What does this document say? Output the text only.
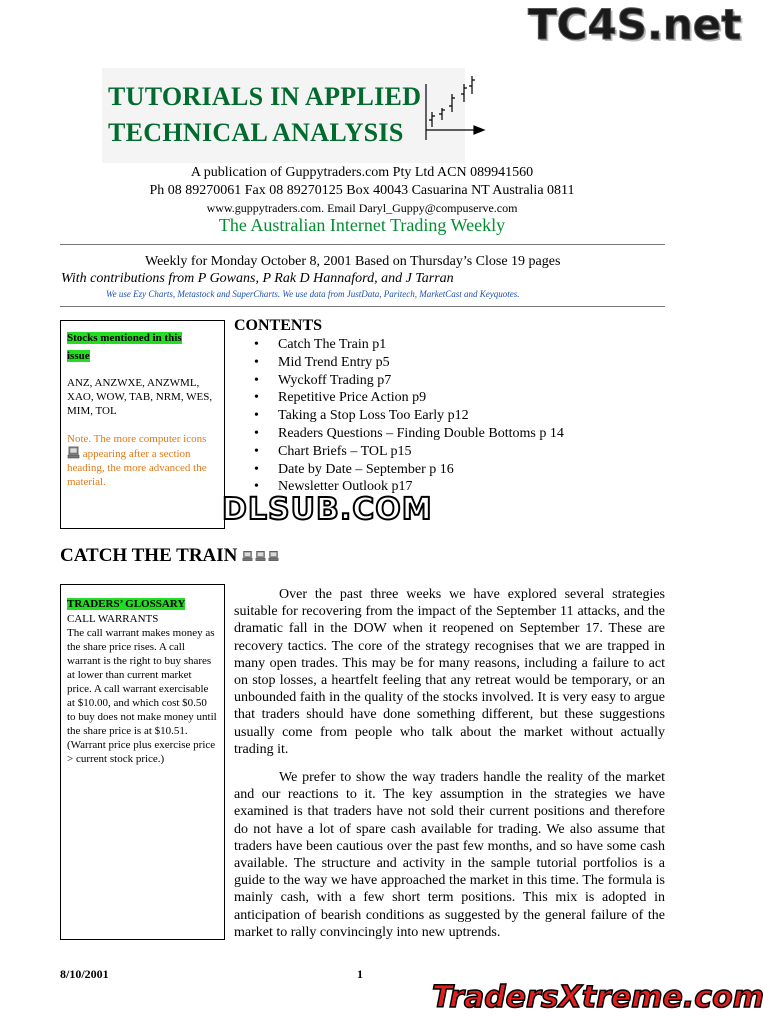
TC4S.net
TUTORIALS IN APPLIED
TECHNICAL ANALYSIS
A publication of Guppytraders.com Pty Ltd ACN 089941560
Ph 08 89270061 Fax 08 89270125 Box 40043 Casuarina NT Australia 0811
www.guppytraders.com. Email Daryl_Guppy@compuserve.com
The Australian Internet Trading Weekly
Weekly for Monday October 8, 2001 Based on Thursday’s Close 19 pages
With contributions from P Gowans, P Rak D Hannaford, and J Tarran
We use Ezy Charts, Metastock and SuperCharts. We use data from JustData, Paritech, MarketCast and Keyquotes.
Stocks mentioned in this issue
ANZ, ANZWXE, ANZWML, XAO, WOW, TAB, NRM, WES, MIM, TOL
Note. The more computer icons  appearing after a section heading, the more advanced the material.
CONTENTS
• Catch The Train p1
• Mid Trend Entry p5
• Wyckoff Trading p7
• Repetitive Price Action p9
• Taking a Stop Loss Too Early p12
• Readers Questions – Finding Double Bottoms p 14
• Chart Briefs – TOL p15
• Date by Date – September p 16
• Newsletter Outlook p17
DLSUB.COM
CATCH THE TRAIN
TRADERS’ GLOSSARY
CALL WARRANTS
The call warrant makes money as the share price rises. A call warrant is the right to buy shares at lower than current market price. A call warrant exercisable at $10.00, and which cost $0.50 to buy does not make money until the share price is at $10.51. (Warrant price plus exercise price > current stock price.)
Over the past three weeks we have explored several strategies suitable for recovering from the impact of the September 11 attacks, and the dramatic fall in the DOW when it reopened on September 17. These are recovery tactics. The core of the strategy recognises that we are trapped in many open trades. This may be for many reasons, including a failure to act on stop losses, a heartfelt feeling that any retreat would be temporary, or an unbounded faith in the quality of the stocks involved. It is very easy to argue that traders should have done something different, but these suggestions usually come from people who talk about the market without actually trading it.
We prefer to show the way traders handle the reality of the market and our reactions to it. The key assumption in the strategies we have examined is that traders have not sold their current positions and therefore do not have a lot of spare cash available for trading. We also assume that traders have been cautious over the past few months, and so have some cash available. The structure and activity in the sample tutorial portfolios is a guide to the way we have approached the market in this time. The formula is mainly cash, with a few short term positions. This mix is adopted in anticipation of bearish conditions as suggested by the general failure of the market to rally convincingly into new uptrends.
8/10/2001	1
TradersXtreme.com
